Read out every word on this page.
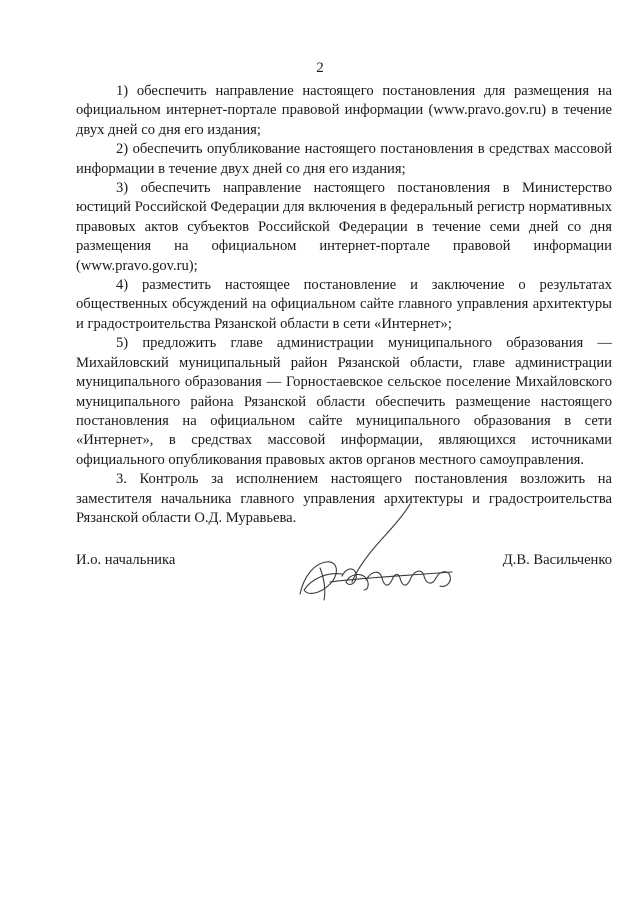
2

1) обеспечить направление настоящего постановления для размещения на официальном интернет-портале правовой информации (www.pravo.gov.ru) в течение двух дней со дня его издания;

2) обеспечить опубликование настоящего постановления в средствах массовой информации в течение двух дней со дня его издания;

3) обеспечить направление настоящего постановления в Министерство юстиций Российской Федерации для включения в федеральный регистр нормативных правовых актов субъектов Российской Федерации в течение семи дней со дня размещения на официальном интернет-портале правовой информации (www.pravo.gov.ru);

4) разместить настоящее постановление и заключение о результатах общественных обсуждений на официальном сайте главного управления архитектуры и градостроительства Рязанской области в сети «Интернет»;

5) предложить главе администрации муниципального образования — Михайловский муниципальный район Рязанской области, главе администрации муниципального образования — Горностаевское сельское поселение Михайловского муниципального района Рязанской области обеспечить размещение настоящего постановления на официальном сайте муниципального образования в сети «Интернет», в средствах массовой информации, являющихся источниками официального опубликования правовых актов органов местного самоуправления.

3. Контроль за исполнением настоящего постановления возложить на заместителя начальника главного управления архитектуры и градостроительства Рязанской области О.Д. Муравьева.

И.о. начальника	Д.В. Васильченко
